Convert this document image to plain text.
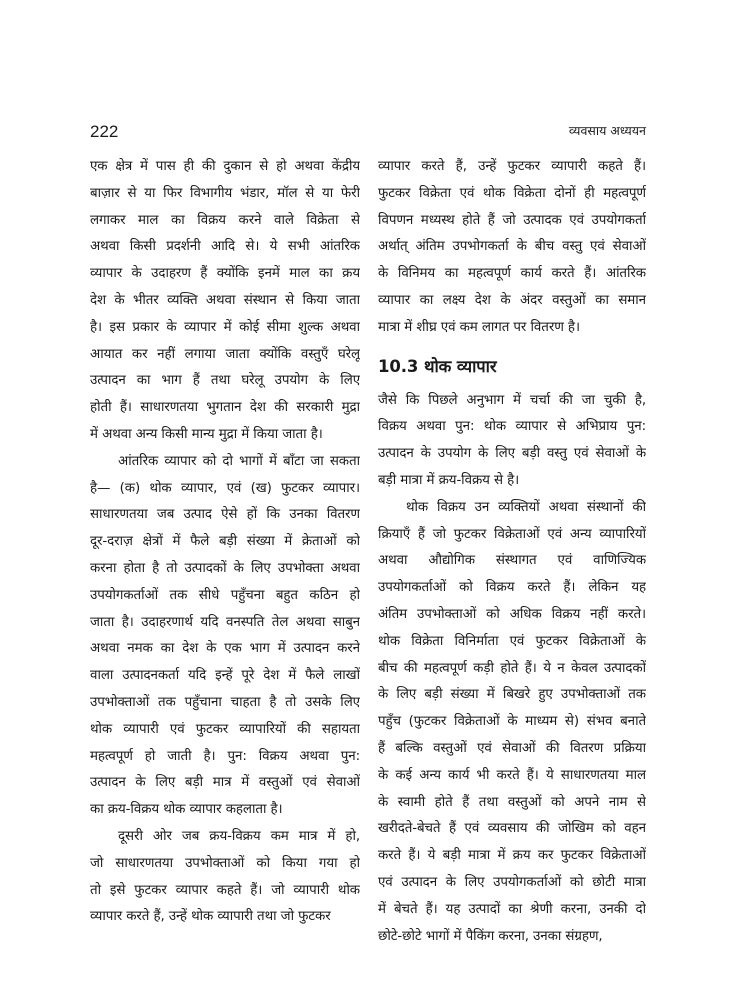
222	व्यवसाय अध्ययन
एक क्षेत्र में पास ही की दुकान से हो अथवा केंद्रीय
बाज़ार से या फिर विभागीय भंडार, मॉल से या फेरी
लगाकर माल का विक्रय करने वाले विक्रेता से
अथवा किसी प्रदर्शनी आदि से। ये सभी आंतरिक
व्यापार के उदाहरण हैं क्योंकि इनमें माल का क्रय
देश के भीतर व्यक्ति अथवा संस्थान से किया जाता
है। इस प्रकार के व्यापार में कोई सीमा शुल्क अथवा
आयात कर नहीं लगाया जाता क्योंकि वस्तुएँ घरेलू
उत्पादन का भाग हैं तथा घरेलू उपयोग के लिए
होती हैं। साधारणतया भुगतान देश की सरकारी मुद्रा
में अथवा अन्य किसी मान्य मुद्रा में किया जाता है।
आंतरिक व्यापार को दो भागों में बाँटा जा सकता
है— (क) थोक व्यापार, एवं (ख) फुटकर व्यापार।
साधारणतया जब उत्पाद ऐसे हों कि उनका वितरण
दूर-दराज़ क्षेत्रों में फैले बड़ी संख्या में क्रेताओं को
करना होता है तो उत्पादकों के लिए उपभोक्ता अथवा
उपयोगकर्ताओं तक सीधे पहुँचना बहुत कठिन हो
जाता है। उदाहरणार्थ यदि वनस्पति तेल अथवा साबुन
अथवा नमक का देश के एक भाग में उत्पादन करने
वाला उत्पादनकर्ता यदि इन्हें पूरे देश में फैले लाखों
उपभोक्ताओं तक पहुँचाना चाहता है तो उसके लिए
थोक व्यापारी एवं फुटकर व्यापारियों की सहायता
महत्वपूर्ण हो जाती है। पुन: विक्रय अथवा पुन:
उत्पादन के लिए बड़ी मात्र में वस्तुओं एवं सेवाओं
का क्रय-विक्रय थोक व्यापार कहलाता है।
दूसरी ओर जब क्रय-विक्रय कम मात्र में हो,
जो साधारणतया उपभोक्ताओं को किया गया हो
तो इसे फुटकर व्यापार कहते हैं। जो व्यापारी थोक
व्यापार करते हैं, उन्हें थोक व्यापारी तथा जो फुटकर
व्यापार करते हैं, उन्हें फुटकर व्यापारी कहते हैं।
फुटकर विक्रेता एवं थोक विक्रेता दोनों ही महत्वपूर्ण
विपणन मध्यस्थ होते हैं जो उत्पादक एवं उपयोगकर्ता
अर्थात् अंतिम उपभोगकर्ता के बीच वस्तु एवं सेवाओं
के विनिमय का महत्वपूर्ण कार्य करते हैं। आंतरिक
व्यापार का लक्ष्य देश के अंदर वस्तुओं का समान
मात्रा में शीघ्र एवं कम लागत पर वितरण है।
10.3 थोक व्यापार
जैसे कि पिछले अनुभाग में चर्चा की जा चुकी है,
विक्रय अथवा पुन: थोक व्यापार से अभिप्राय पुन:
उत्पादन के उपयोग के लिए बड़ी वस्तु एवं सेवाओं के
बड़ी मात्रा में क्रय-विक्रय से है।
थोक विक्रय उन व्यक्तियों अथवा संस्थानों की
क्रियाएँ हैं जो फुटकर विक्रेताओं एवं अन्य व्यापारियों
अथवा औद्योगिक संस्थागत एवं वाणिज्यिक
उपयोगकर्ताओं को विक्रय करते हैं। लेकिन यह
अंतिम उपभोक्ताओं को अधिक विक्रय नहीं करते।
थोक विक्रेता विनिर्माता एवं फुटकर विक्रेताओं के
बीच की महत्वपूर्ण कड़ी होते हैं। ये न केवल उत्पादकों
के लिए बड़ी संख्या में बिखरे हुए उपभोक्ताओं तक
पहुँच (फुटकर विक्रेताओं के माध्यम से) संभव बनाते
हैं बल्कि वस्तुओं एवं सेवाओं की वितरण प्रक्रिया
के कई अन्य कार्य भी करते हैं। ये साधारणतया माल
के स्वामी होते हैं तथा वस्तुओं को अपने नाम से
खरीदते-बेचते हैं एवं व्यवसाय की जोखिम को वहन
करते हैं। ये बड़ी मात्रा में क्रय कर फुटकर विक्रेताओं
एवं उत्पादन के लिए उपयोगकर्ताओं को छोटी मात्रा
में बेचते हैं। यह उत्पादों का श्रेणी करना, उनकी दो
छोटे-छोटे भागों में पैकिंग करना, उनका संग्रहण,
